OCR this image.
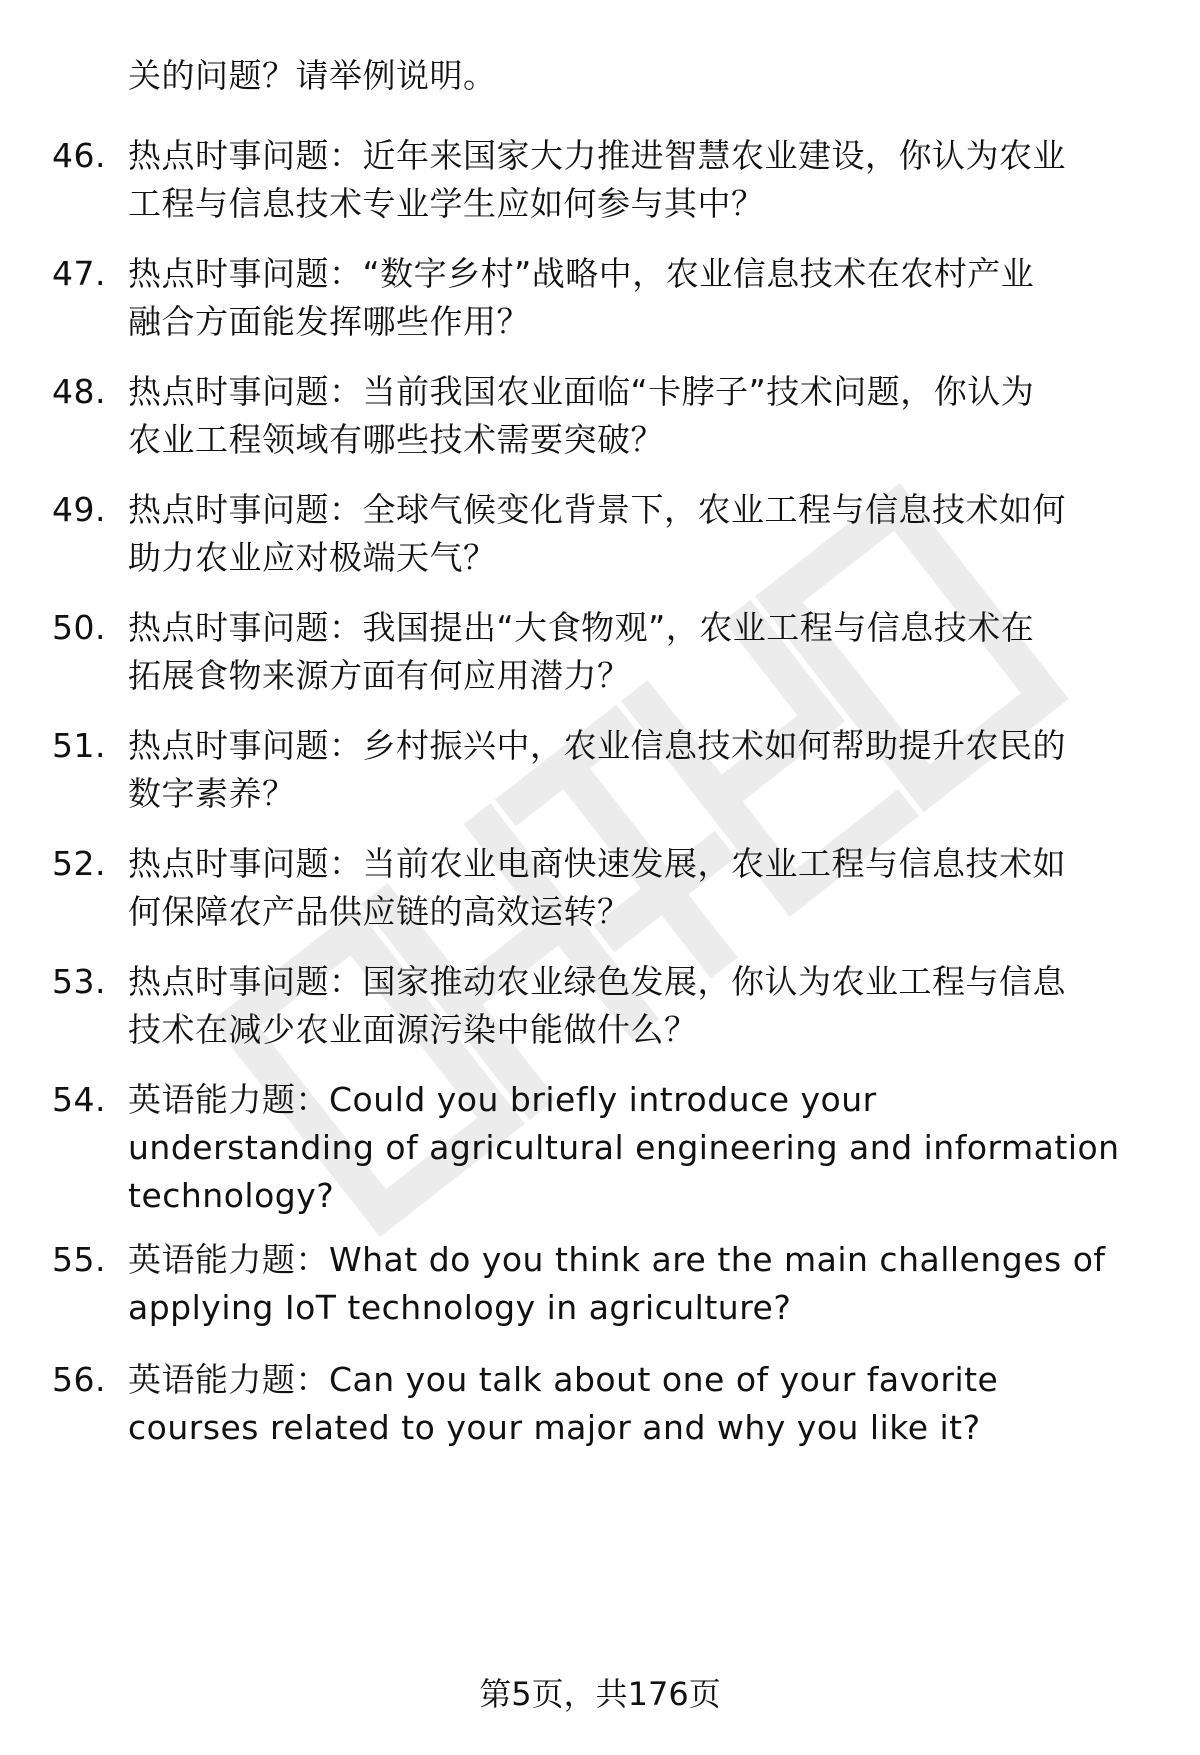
关的问题？请举例说明。
46. 热点时事问题：近年来国家大力推进智慧农业建设，你认为农业
工程与信息技术专业学生应如何参与其中？
47. 热点时事问题：“数字乡村”战略中，农业信息技术在农村产业
融合方面能发挥哪些作用？
48. 热点时事问题：当前我国农业面临“卡脖子”技术问题，你认为
农业工程领域有哪些技术需要突破？
49. 热点时事问题：全球气候变化背景下，农业工程与信息技术如何
助力农业应对极端天气？
50. 热点时事问题：我国提出“大食物观”，农业工程与信息技术在
拓展食物来源方面有何应用潜力？
51. 热点时事问题：乡村振兴中，农业信息技术如何帮助提升农民的
数字素养？
52. 热点时事问题：当前农业电商快速发展，农业工程与信息技术如
何保障农产品供应链的高效运转？
53. 热点时事问题：国家推动农业绿色发展，你认为农业工程与信息
技术在减少农业面源污染中能做什么？
54. 英语能力题：Could you briefly introduce your
understanding of agricultural engineering and information
technology?
55. 英语能力题：What do you think are the main challenges of
applying IoT technology in agriculture?
56. 英语能力题：Can you talk about one of your favorite
courses related to your major and why you like it?
第5页，共176页
